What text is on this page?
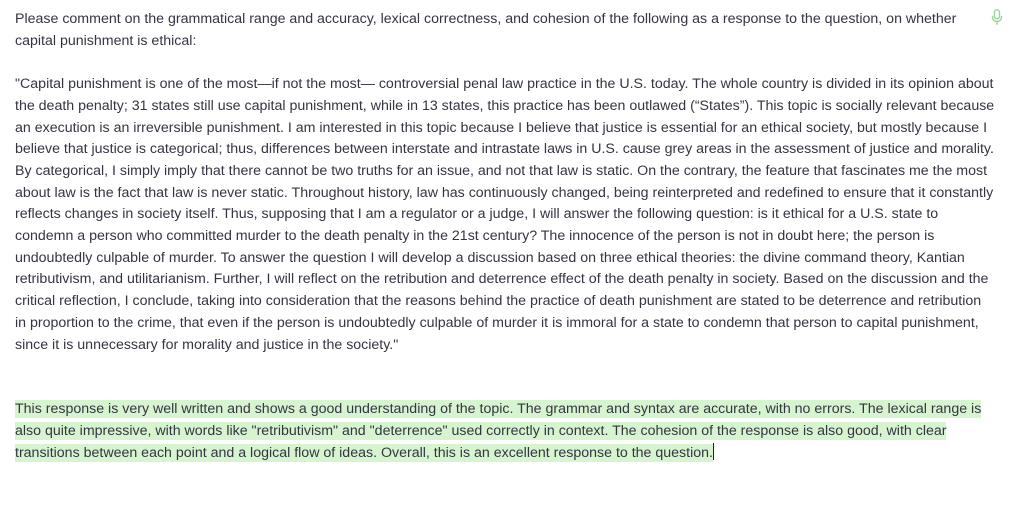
Please comment on the grammatical range and accuracy, lexical correctness, and cohesion of the following as a response to the question, on whether capital punishment is ethical:

"Capital punishment is one of the most—if not the most— controversial penal law practice in the U.S. today. The whole country is divided in its opinion about the death penalty; 31 states still use capital punishment, while in 13 states, this practice has been outlawed (“States”). This topic is socially relevant because an execution is an irreversible punishment. I am interested in this topic because I believe that justice is essential for an ethical society, but mostly because I believe that justice is categorical; thus, differences between interstate and intrastate laws in U.S. cause grey areas in the assessment of justice and morality. By categorical, I simply imply that there cannot be two truths for an issue, and not that law is static. On the contrary, the feature that fascinates me the most about law is the fact that law is never static. Throughout history, law has continuously changed, being reinterpreted and redefined to ensure that it constantly reflects changes in society itself. Thus, supposing that I am a regulator or a judge, I will answer the following question: is it ethical for a U.S. state to condemn a person who committed murder to the death penalty in the 21st century? The innocence of the person is not in doubt here; the person is undoubtedly culpable of murder. To answer the question I will develop a discussion based on three ethical theories: the divine command theory, Kantian retributivism, and utilitarianism. Further, I will reflect on the retribution and deterrence effect of the death penalty in society. Based on the discussion and the critical reflection, I conclude, taking into consideration that the reasons behind the practice of death punishment are stated to be deterrence and retribution in proportion to the crime, that even if the person is undoubtedly culpable of murder it is immoral for a state to condemn that person to capital punishment, since it is unnecessary for morality and justice in the society."

This response is very well written and shows a good understanding of the topic. The grammar and syntax are accurate, with no errors. The lexical range is also quite impressive, with words like "retributivism" and "deterrence" used correctly in context. The cohesion of the response is also good, with clear transitions between each point and a logical flow of ideas. Overall, this is an excellent response to the question.
